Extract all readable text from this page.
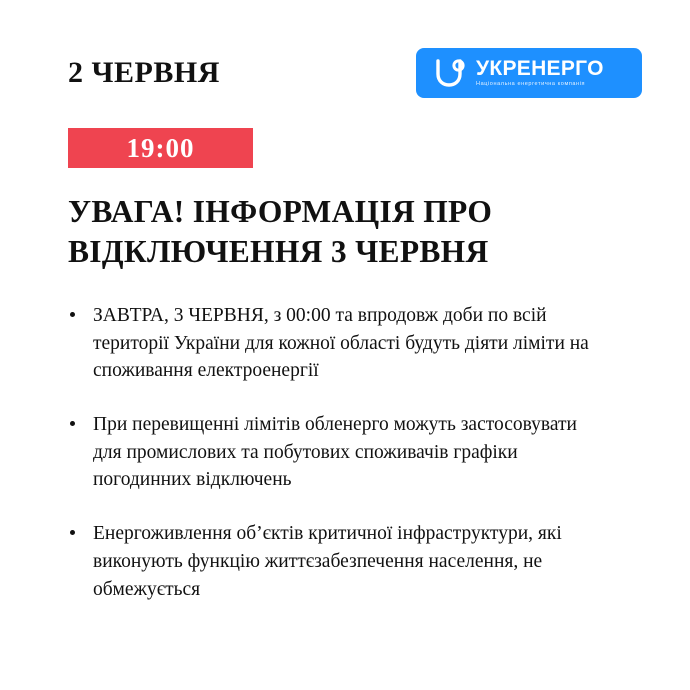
2 ЧЕРВНЯ	УКРЕНЕРГО
Національна енергетична компанія
19:00
УВАГА! ІНФОРМАЦІЯ ПРО ВІДКЛЮЧЕННЯ 3 ЧЕРВНЯ
ЗАВТРА, 3 ЧЕРВНЯ, з 00:00 та впродовж доби по всій території України для кожної області будуть діяти ліміти на споживання електроенергії
При перевищенні лімітів обленерго можуть застосовувати для промислових та побутових споживачів графіки погодинних відключень
Енергоживлення об’єктів критичної інфраструктури, які виконують функцію життєзабезпечення населення, не обмежується
